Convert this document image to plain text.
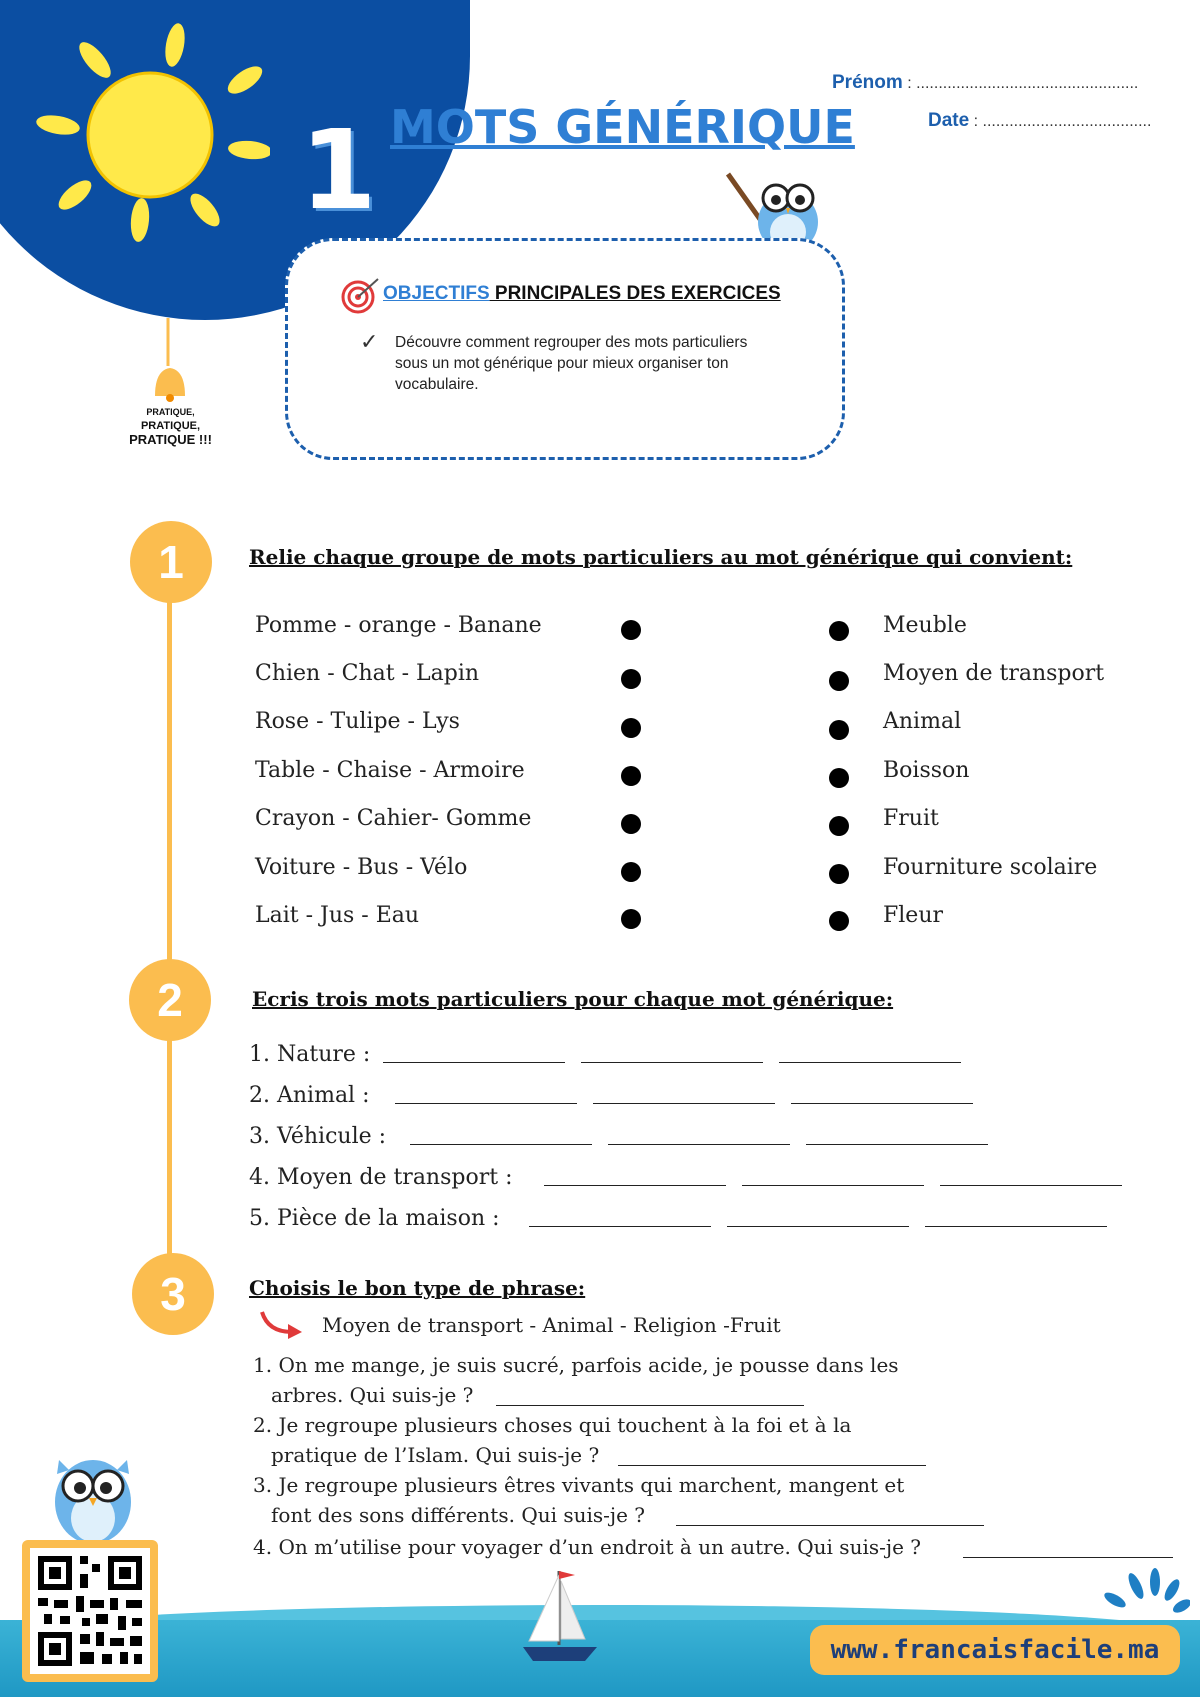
1 MOTS GÉNÉRIQUE
Prénom : ..................................................
Date : ......................................
OBJECTIFS PRINCIPALES DES EXERCICES
✓ Découvre comment regrouper des mots particuliers sous un mot générique pour mieux organiser ton vocabulaire.
PRATIQUE,
PRATIQUE,
PRATIQUE !!!
1	Relie chaque groupe de mots particuliers au mot générique qui convient:
Pomme - orange - Banane
Chien - Chat - Lapin
Rose - Tulipe - Lys
Table - Chaise - Armoire
Crayon - Cahier- Gomme
Voiture - Bus - Vélo
Lait - Jus - Eau
Meuble
Moyen de transport
Animal
Boisson
Fruit
Fourniture scolaire
Fleur
2	Ecris trois mots particuliers pour chaque mot générique:
1. Nature :
2. Animal :
3. Véhicule :
4. Moyen de transport :
5. Pièce de la maison :
3	Choisis le bon type de phrase:
Moyen de transport - Animal - Religion -Fruit
1. On me mange, je suis sucré, parfois acide, je pousse dans les
arbres. Qui suis-je ?
2. Je regroupe plusieurs choses qui touchent à la foi et à la
pratique de l’Islam. Qui suis-je ?
3. Je regroupe plusieurs êtres vivants qui marchent, mangent et
font des sons différents. Qui suis-je ?
4. On m’utilise pour voyager d’un endroit à un autre. Qui suis-je ?
www.francaisfacile.ma
